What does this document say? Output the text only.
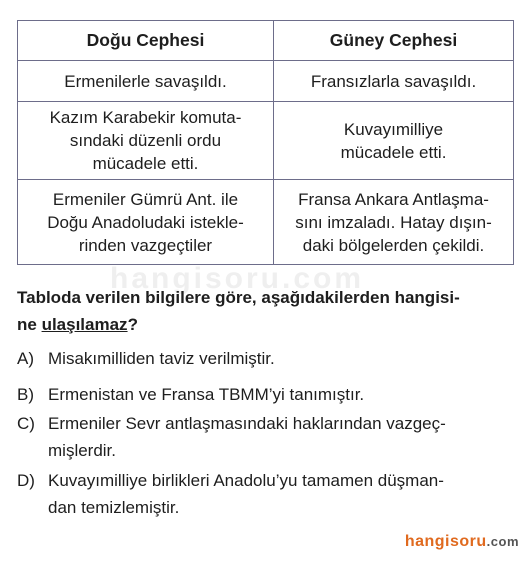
hangisoru.com
Doğu Cephesi	Güney Cephesi
Ermenilerle savaşıldı.	Fransızlarla savaşıldı.
Kazım Karabekir komuta-
sındaki düzenli ordu
mücadele etti.
Kuvayımilliye
mücadele etti.
Ermeniler Gümrü Ant. ile
Doğu Anadoludaki istekle-
rinden vazgeçtiler
Fransa Ankara Antlaşma-
sını imzaladı. Hatay dışın-
daki bölgelerden çekildi.
Tabloda verilen bilgilere göre, aşağıdakilerden hangisi-
ne ulaşılamaz?
A) Misakımilliden taviz verilmiştir.
B) Ermenistan ve Fransa TBMM’yi tanımıştır.
C) Ermeniler Sevr antlaşmasındaki haklarından vazgeç-
mişlerdir.
D) Kuvayımilliye birlikleri Anadolu’yu tamamen düşman-
dan temizlemiştir.
hangisoru.com
